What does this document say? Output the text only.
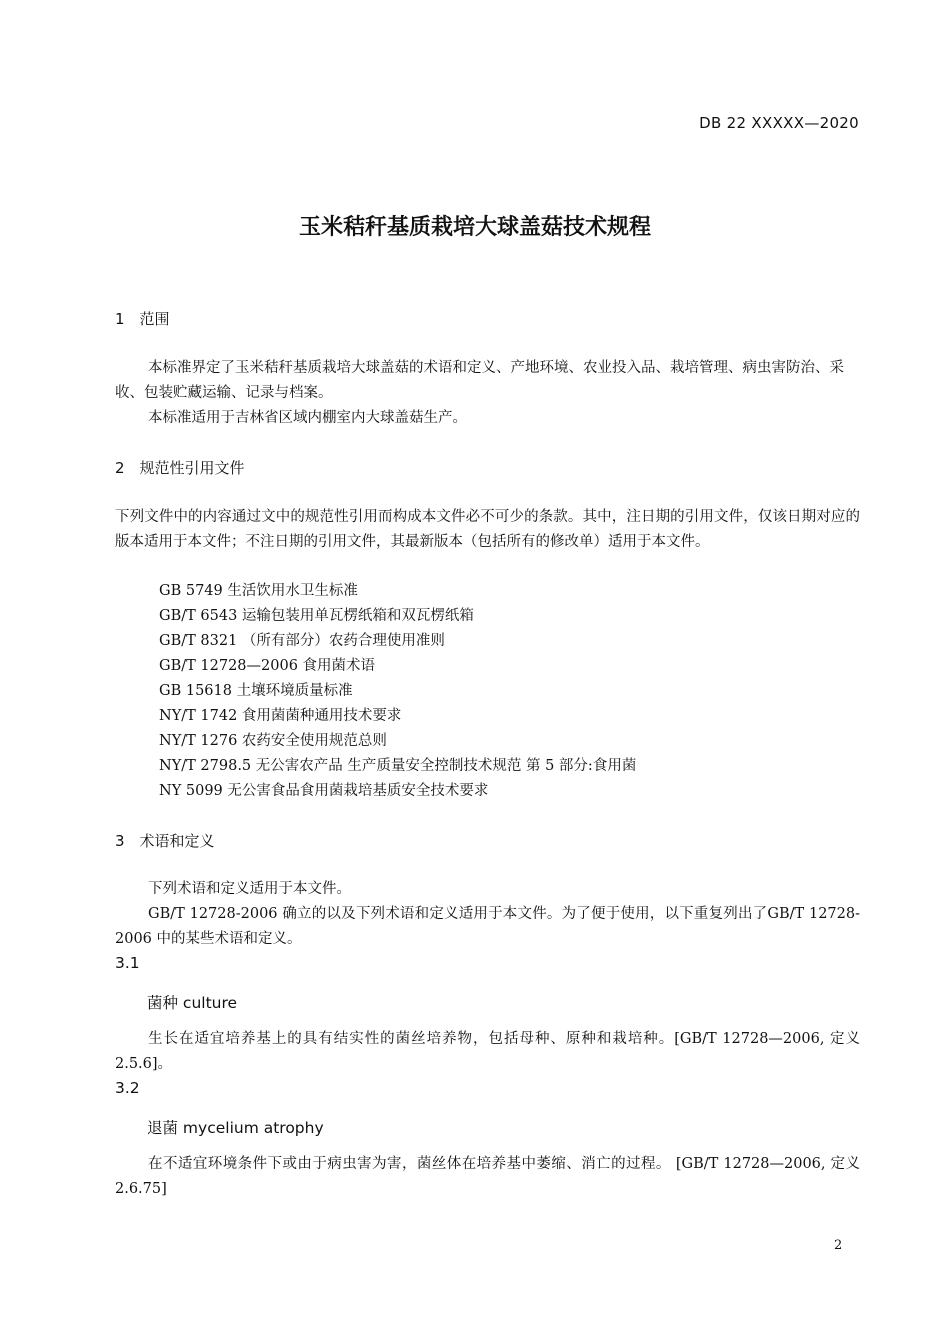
DB 22 XXXXX—2020
玉米秸秆基质栽培大球盖菇技术规程
1　范围

本标准界定了玉米秸秆基质栽培大球盖菇的术语和定义、产地环境、农业投入品、栽培管理、病虫害防治、采收、包装贮藏运输、记录与档案。

本标准适用于吉林省区域内棚室内大球盖菇生产。

2　规范性引用文件

下列文件中的内容通过文中的规范性引用而构成本文件必不可少的条款。其中，注日期的引用文件，仅该日期对应的版本适用于本文件；不注日期的引用文件，其最新版本（包括所有的修改单）适用于本文件。

GB 5749 生活饮用水卫生标准
GB/T 6543 运输包装用单瓦楞纸箱和双瓦楞纸箱
GB/T 8321 （所有部分）农药合理使用准则
GB/T 12728—2006 食用菌术语
GB 15618 土壤环境质量标准
NY/T 1742 食用菌菌种通用技术要求
NY/T 1276 农药安全使用规范总则
NY/T 2798.5 无公害农产品 生产质量安全控制技术规范 第 5 部分:食用菌
NY 5099 无公害食品食用菌栽培基质安全技术要求
3　术语和定义

下列术语和定义适用于本文件。

GB/T 12728-2006 确立的以及下列术语和定义适用于本文件。为了便于使用，以下重复列出了GB/T 12728-2006 中的某些术语和定义。

3.1
菌种 culture

生长在适宜培养基上的具有结实性的菌丝培养物，包括母种、原种和栽培种。[GB/T 12728—2006, 定义 2.5.6]。

3.2
退菌 mycelium atrophy

在不适宜环境条件下或由于病虫害为害，菌丝体在培养基中萎缩、消亡的过程。 [GB/T 12728—2006, 定义 2.6.75]

2
